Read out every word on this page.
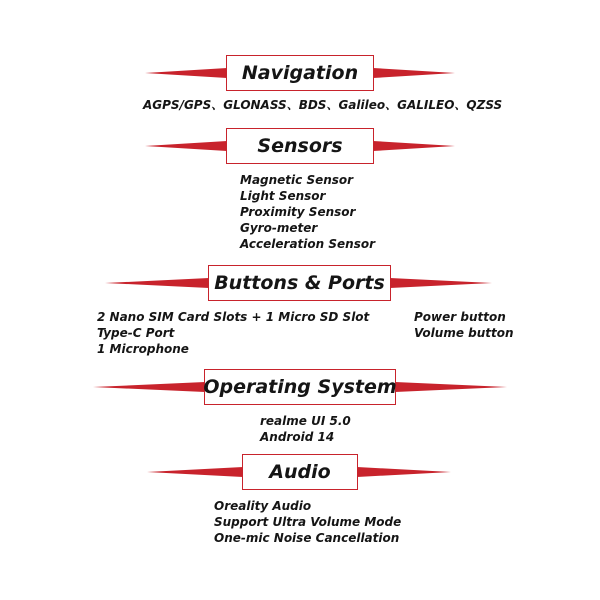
Navigation
AGPS/GPS、GLONASS、BDS、Galileo、GALILEO、QZSS
Sensors
Magnetic Sensor
Light Sensor
Proximity Sensor
Gyro-meter
Acceleration Sensor
Buttons & Ports
2 Nano SIM Card Slots + 1 Micro SD Slot
Type-C Port
1 Microphone
Power button
Volume button
Operating System
realme UI 5.0
Android 14
Audio
Oreality Audio
Support Ultra Volume Mode
One-mic Noise Cancellation
